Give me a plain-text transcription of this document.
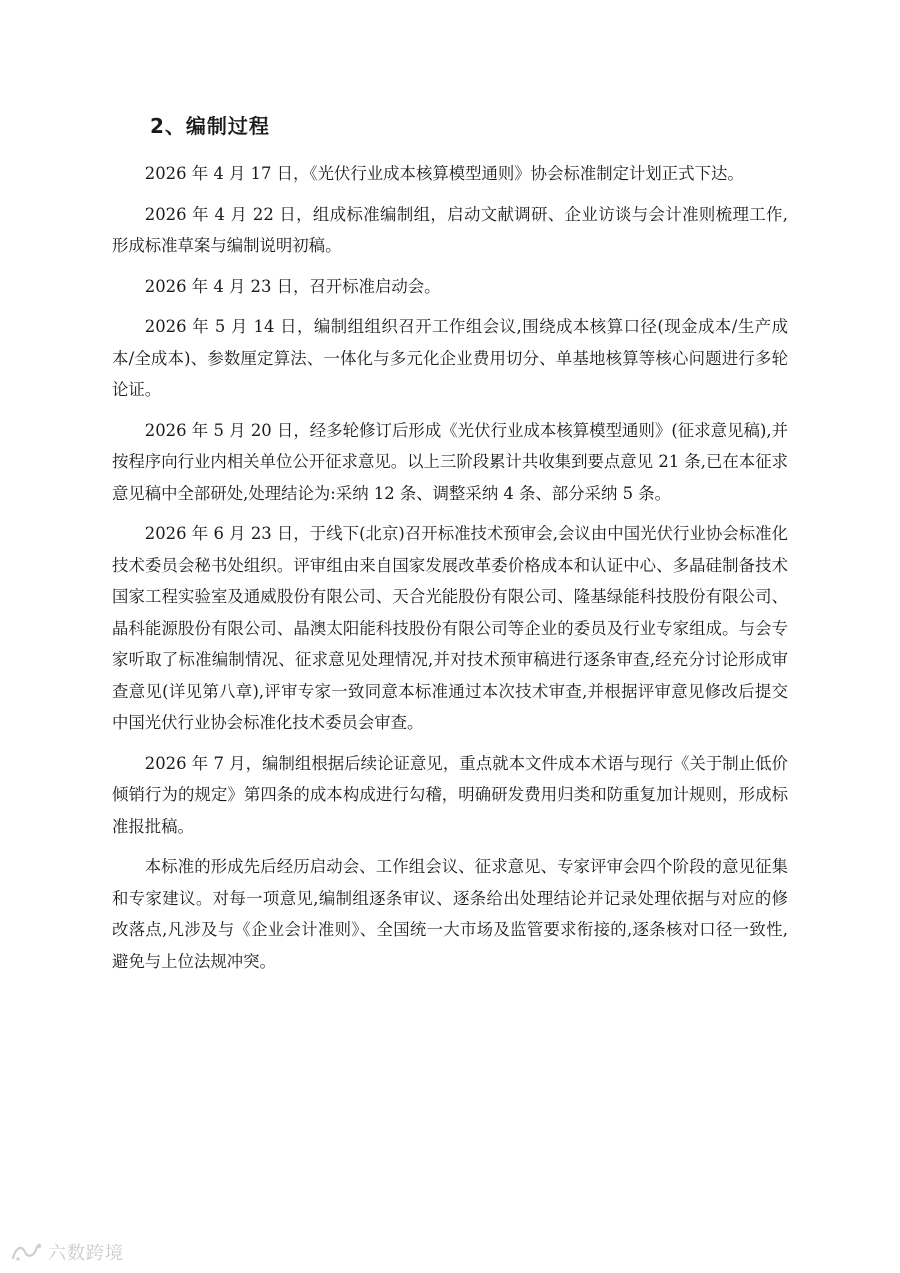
2、编制过程

2026 年 4 月 17 日，《光伏行业成本核算模型通则》协会标准制定计划正式下达。

2026 年 4 月 22 日，组成标准编制组，启动文献调研、企业访谈与会计准则梳理工作, 形成标准草案与编制说明初稿。

2026 年 4 月 23 日，召开标准启动会。

2026 年 5 月 14 日，编制组组织召开工作组会议,围绕成本核算口径(现金成本/生产成本/全成本)、参数厘定算法、一体化与多元化企业费用切分、单基地核算等核心问题进行多轮论证。

2026 年 5 月 20 日，经多轮修订后形成《光伏行业成本核算模型通则》(征求意见稿),并按程序向行业内相关单位公开征求意见。以上三阶段累计共收集到要点意见 21 条,已在本征求意见稿中全部研处,处理结论为:采纳 12 条、调整采纳 4 条、部分采纳 5 条。

2026 年 6 月 23 日，于线下(北京)召开标准技术预审会,会议由中国光伏行业协会标准化技术委员会秘书处组织。评审组由来自国家发展改革委价格成本和认证中心、多晶硅制备技术国家工程实验室及通威股份有限公司、天合光能股份有限公司、隆基绿能科技股份有限公司、晶科能源股份有限公司、晶澳太阳能科技股份有限公司等企业的委员及行业专家组成。与会专家听取了标准编制情况、征求意见处理情况,并对技术预审稿进行逐条审查,经充分讨论形成审查意见(详见第八章),评审专家一致同意本标准通过本次技术审查,并根据评审意见修改后提交中国光伏行业协会标准化技术委员会审查。

2026 年 7 月，编制组根据后续论证意见，重点就本文件成本术语与现行《关于制止低价倾销行为的规定》第四条的成本构成进行勾稽，明确研发费用归类和防重复加计规则，形成标准报批稿。

本标准的形成先后经历启动会、工作组会议、征求意见、专家评审会四个阶段的意见征集和专家建议。对每一项意见,编制组逐条审议、逐条给出处理结论并记录处理依据与对应的修改落点,凡涉及与《企业会计准则》、全国统一大市场及监管要求衔接的,逐条核对口径一致性,避免与上位法规冲突。

六数跨境
